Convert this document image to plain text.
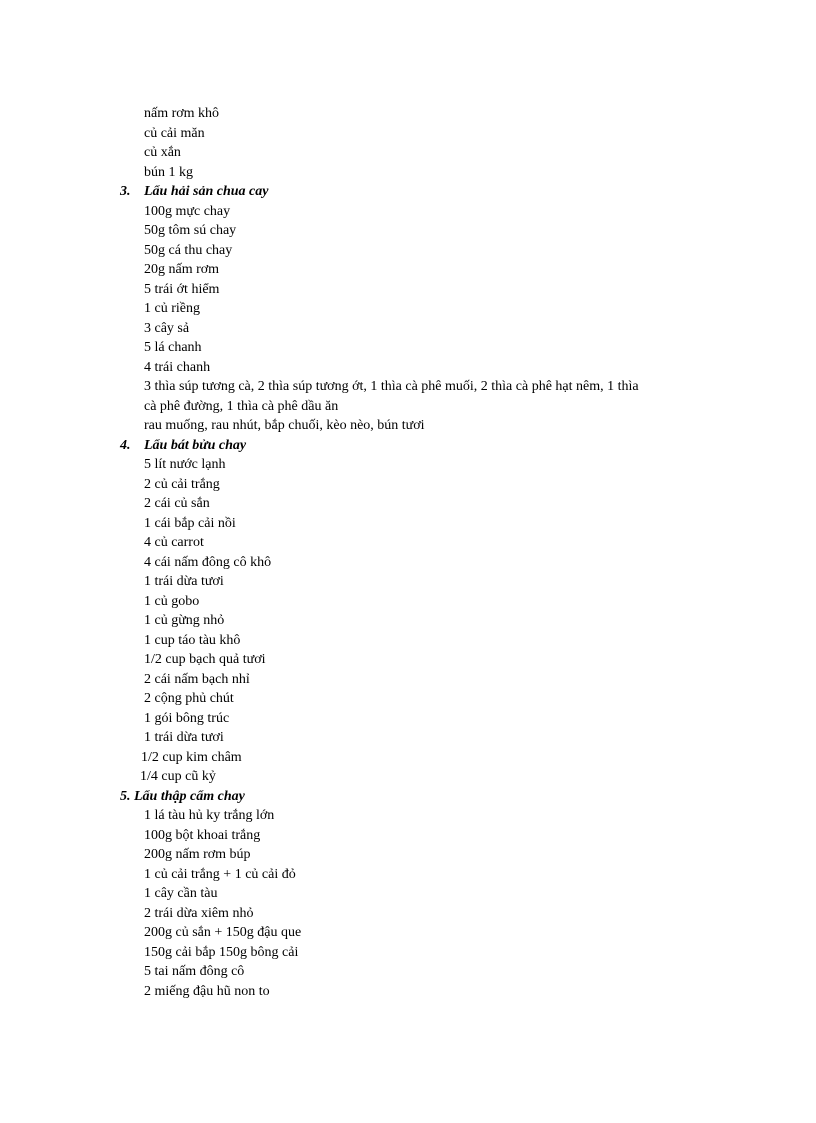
nấm rơm khô
củ cải măn
củ xắn
bún 1 kg
3. Lẩu hải sản chua cay
100g mực chay
50g tôm sú chay
50g cá thu chay
20g nấm rơm
5 trái ớt hiểm
1 củ riềng
3 cây sả
5 lá chanh
4 trái chanh
3 thìa súp tương cà, 2 thìa súp tương ớt, 1 thìa cà phê muối, 2 thìa cà phê hạt nêm, 1 thìa
cà phê đường, 1 thìa cà phê dầu ăn
rau muống, rau nhút, bắp chuối, kèo nèo, bún tươi
4. Lẩu bát bửu chay
5 lít nước lạnh
2 củ cải trắng
2 cái củ sắn
1 cái bắp cải nồi
4 củ carrot
4 cái nấm đông cô khô
1 trái dừa tươi
1 củ gobo
1 củ gừng nhỏ
1 cup táo tàu khô
1/2 cup bạch quả tươi
2 cái nấm bạch nhỉ
2 cộng phủ chút
1 gói bông trúc
1 trái dừa tươi
1/2 cup kim châm
1/4 cup cũ kỷ
5. Lẩu thập cẩm chay
1 lá tàu hủ ky trắng lớn
100g bột khoai trắng
200g nấm rơm búp
1 củ cải trắng + 1 củ cải đỏ
1 cây cần tàu
2 trái dừa xiêm nhỏ
200g củ sắn + 150g đậu que
150g cải bắp 150g bông cải
5 tai nấm đông cô
2 miếng đậu hũ non to
